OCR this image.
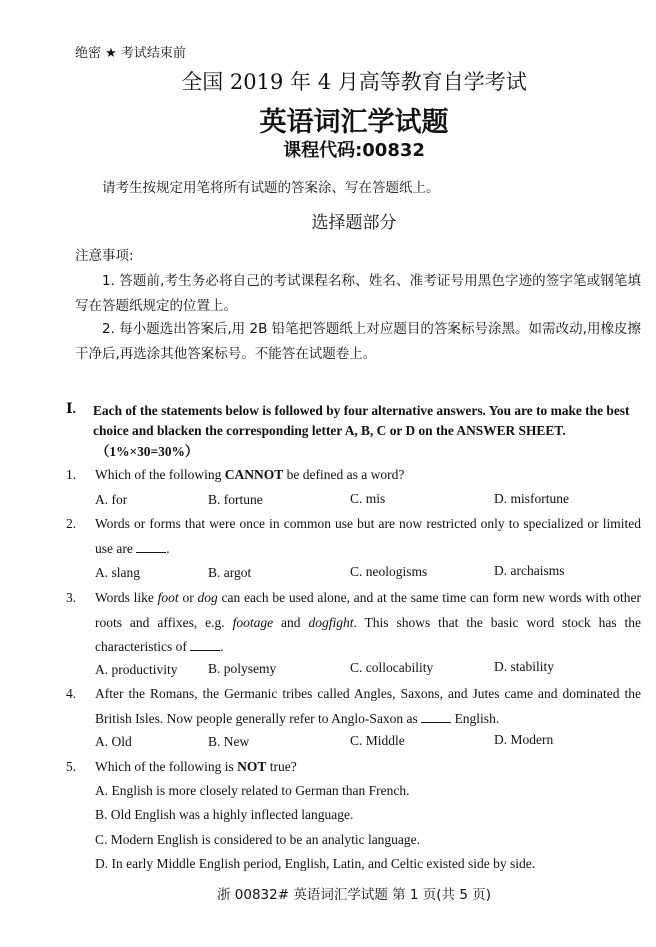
绝密 ★ 考试结束前
全国 2019 年 4 月高等教育自学考试
英语词汇学试题
课程代码:00832
请考生按规定用笔将所有试题的答案涂、写在答题纸上。
选择题部分
注意事项:
1. 答题前,考生务必将自己的考试课程名称、姓名、准考证号用黑色字迹的签字笔或钢笔填写在答题纸规定的位置上。
2. 每小题选出答案后,用 2B 铅笔把答题纸上对应题目的答案标号涂黑。如需改动,用橡皮擦干净后,再选涂其他答案标号。不能答在试题卷上。
Ⅰ. Each of the statements below is followed by four alternative answers. You are to make the best choice and blacken the corresponding letter A, B, C or D on the ANSWER SHEET.
（1%×30=30%）
1. Which of the following CANNOT be defined as a word?
A. for	B. fortune	C. mis	D. misfortune
2. Words or forms that were once in common use but are now restricted only to specialized or limited use are .
A. slang	B. argot	C. neologisms	D. archaisms
3. Words like foot or dog can each be used alone, and at the same time can form new words with other roots and affixes, e.g. footage and dogfight. This shows that the basic word stock has the characteristics of .
A. productivity B. polysemy	C. collocability	D. stability
4. After the Romans, the Germanic tribes called Angles, Saxons, and Jutes came and dominated the British Isles. Now people generally refer to Anglo-Saxon as  English.
A. Old	B. New	C. Middle	D. Modern
5. Which of the following is NOT true?
A. English is more closely related to German than French.
B. Old English was a highly inflected language.
C. Modern English is considered to be an analytic language.
D. In early Middle English period, English, Latin, and Celtic existed side by side.
浙 00832# 英语词汇学试题 第 1 页(共 5 页)
